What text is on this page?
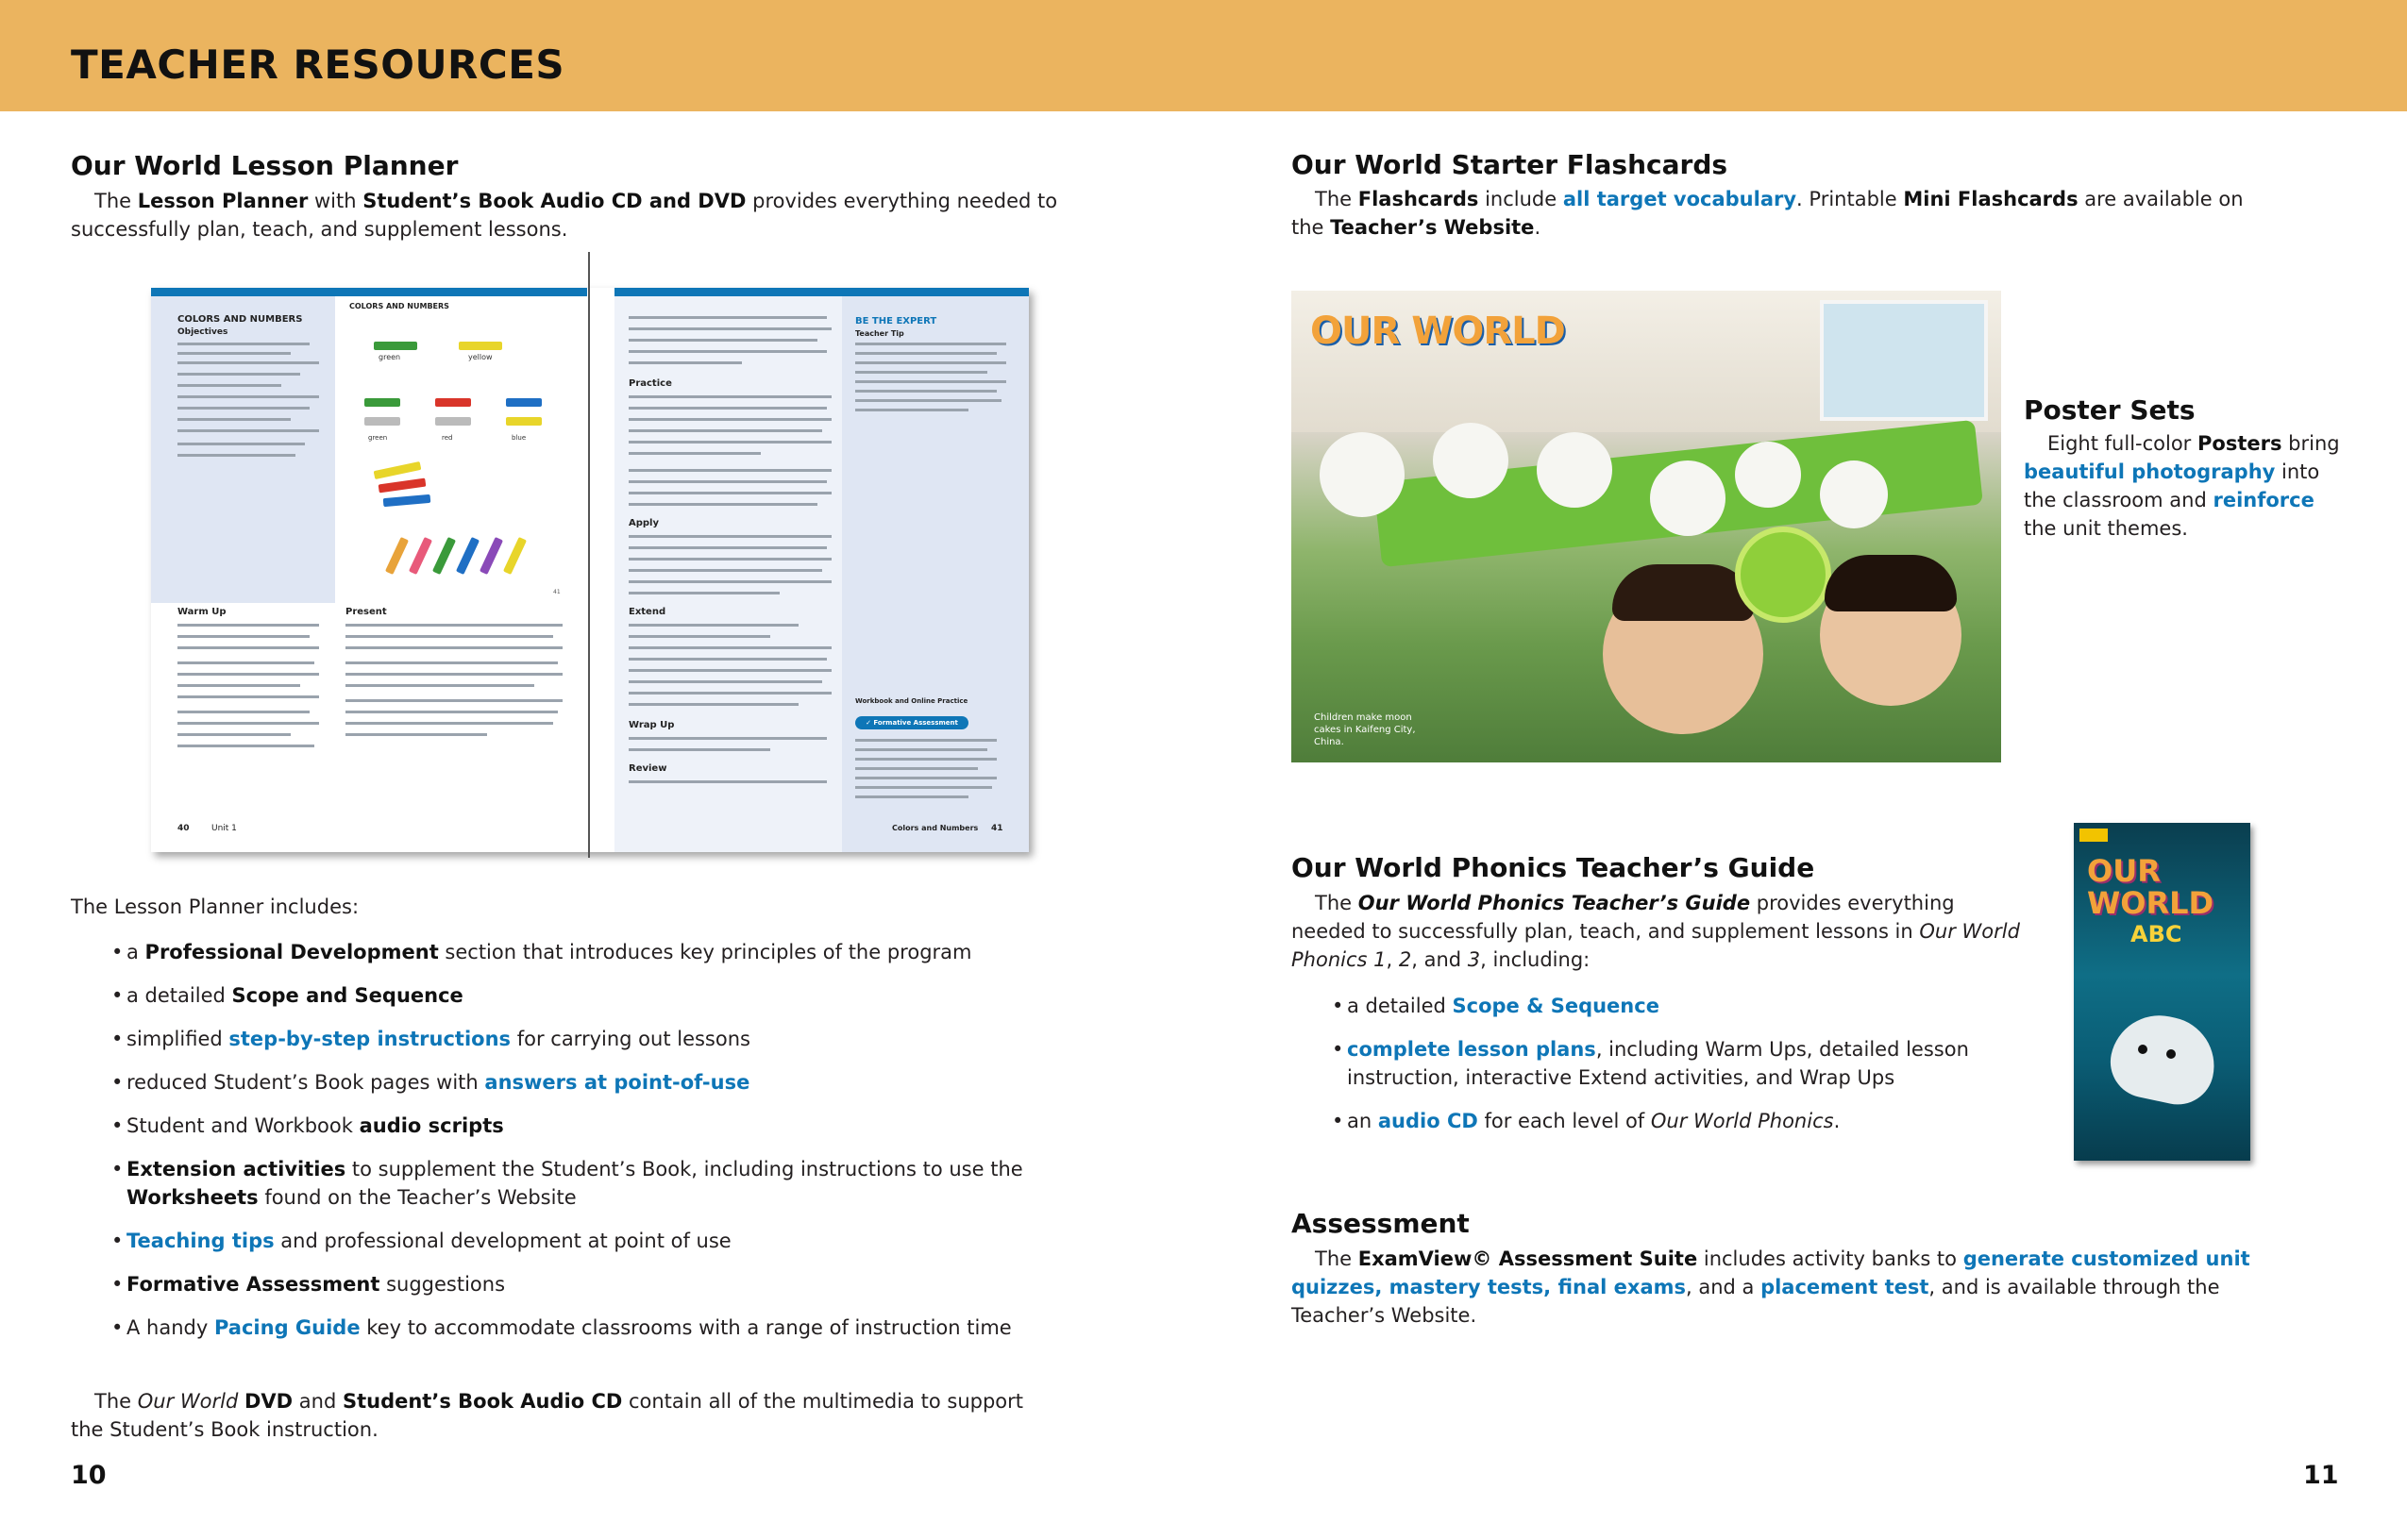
TEACHER RESOURCES
Our World Lesson Planner

The Lesson Planner with Student’s Book Audio CD and DVD provides everything needed to successfully plan, teach, and supplement lessons.

COLORS AND NUMBERS
Objectives
COLORS AND NUMBERS
green	yellow
green	red	blue
41
Warm Up	Present
40	Unit 1
Practice
Apply
Extend
Wrap Up
Review
BE THE EXPERT
Teacher Tip
Workbook and Online Practice
✓ Formative Assessment
Colors and Numbers 41
The Lesson Planner includes:
• a Professional Development section that introduces key principles of the program
• a detailed Scope and Sequence
• simplified step-by-step instructions for carrying out lessons
• reduced Student’s Book pages with answers at point-of-use
• Student and Workbook audio scripts
• Extension activities to supplement the Student’s Book, including instructions to use the Worksheets found on the Teacher’s Website
• Teaching tips and professional development at point of use
• Formative Assessment suggestions
• A handy Pacing Guide key to accommodate classrooms with a range of instruction time

The Our World DVD and Student’s Book Audio CD contain all of the multimedia to support the Student’s Book instruction.

10
Our World Starter Flashcards

The Flashcards include all target vocabulary. Printable Mini Flashcards are available on the Teacher’s Website.

OUR WORLD
Children make moon cakes in Kaifeng City, China.
Poster Sets

Eight full-color Posters bring beautiful photography into the classroom and reinforce the unit themes.

Our World Phonics Teacher’s Guide

The Our World Phonics Teacher’s Guide provides everything needed to successfully plan, teach, and supplement lessons in Our World Phonics 1, 2, and 3, including:

• a detailed Scope & Sequence
• complete lesson plans, including Warm Ups, detailed lesson instruction, interactive Extend activities, and Wrap Ups
• an audio CD for each level of Our World Phonics.
OUR WORLD
ABC
Assessment

The ExamView© Assessment Suite includes activity banks to generate customized unit quizzes, mastery tests, final exams, and a placement test, and is available through the Teacher’s Website.

11
